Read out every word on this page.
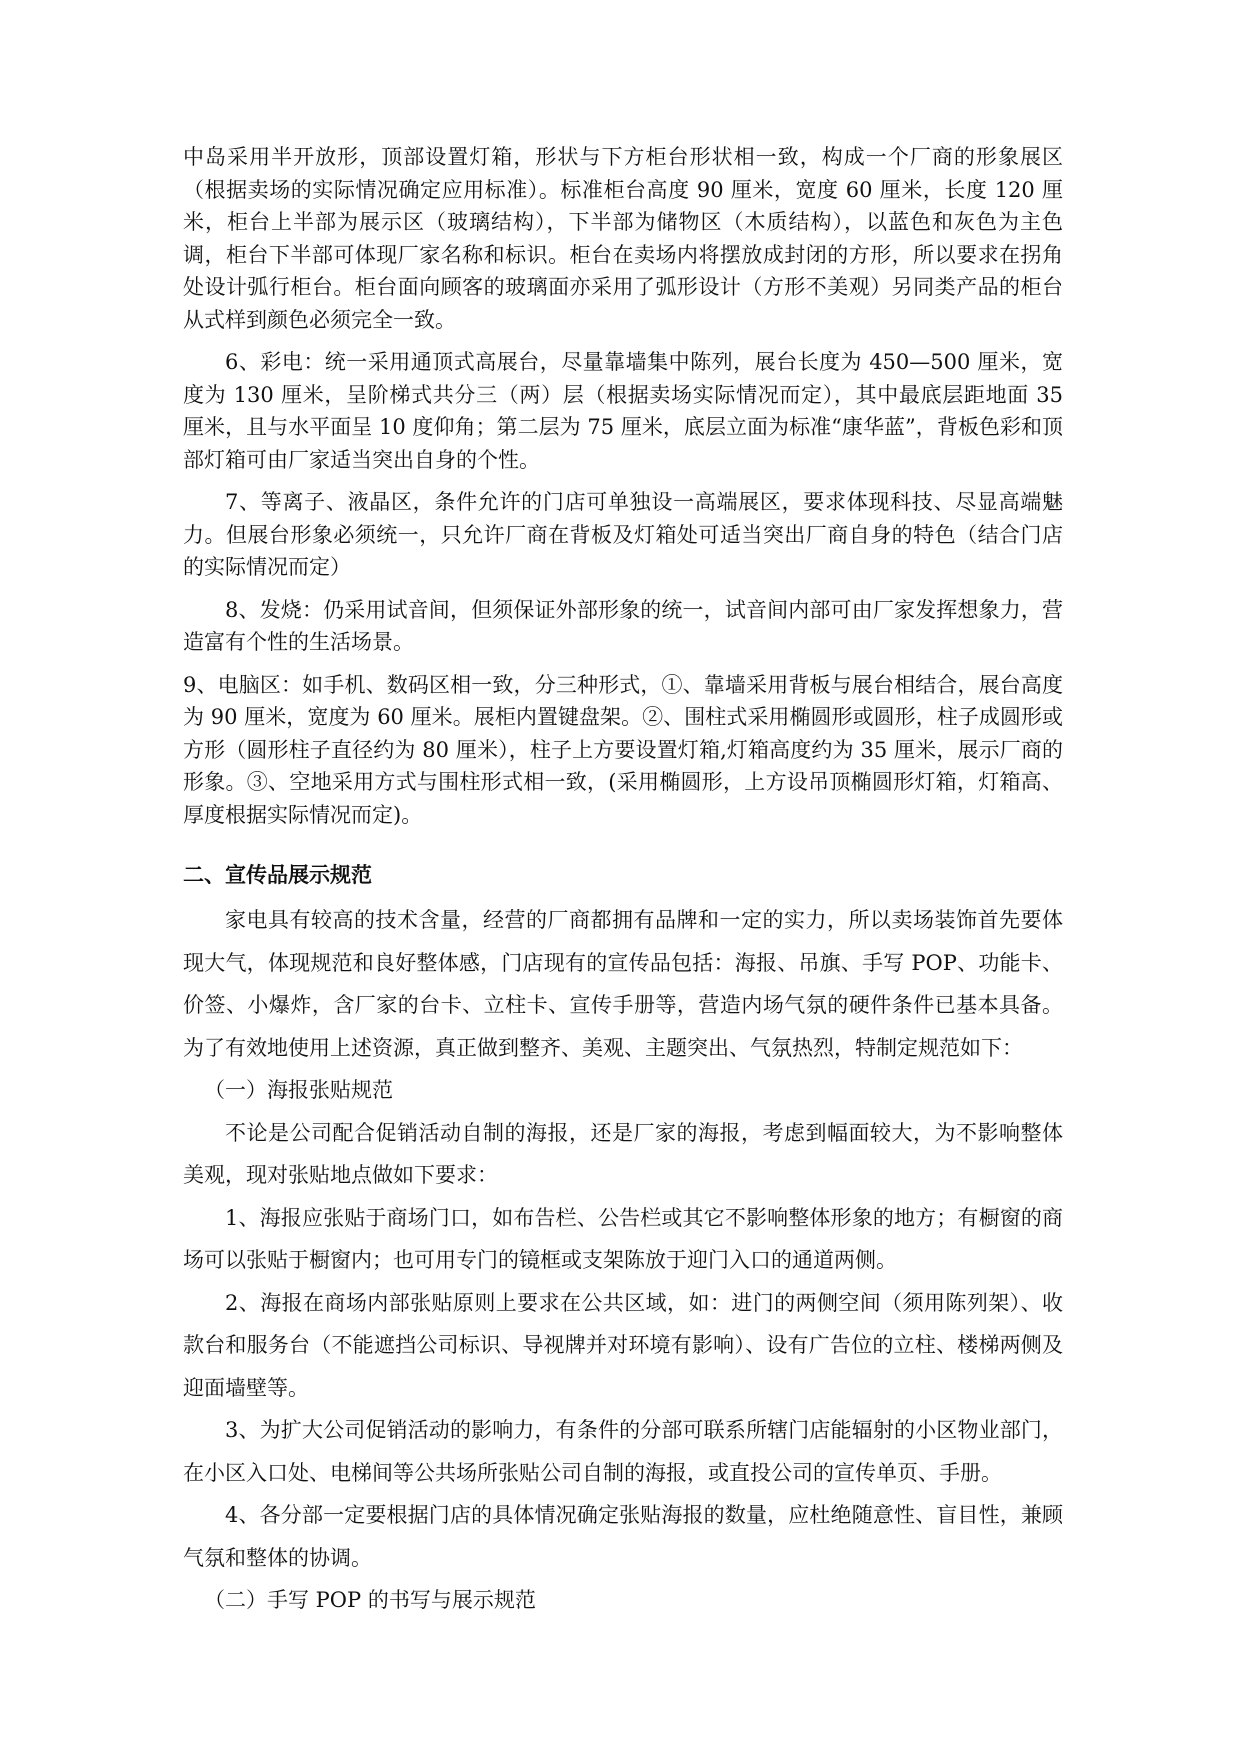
中岛采用半开放形，顶部设置灯箱，形状与下方柜台形状相一致，构成一个厂商的形象展区（根据卖场的实际情况确定应用标准）。标准柜台高度 90 厘米，宽度 60 厘米，长度 120 厘米，柜台上半部为展示区（玻璃结构），下半部为储物区（木质结构），以蓝色和灰色为主色调，柜台下半部可体现厂家名称和标识。柜台在卖场内将摆放成封闭的方形，所以要求在拐角处设计弧行柜台。柜台面向顾客的玻璃面亦采用了弧形设计（方形不美观）另同类产品的柜台从式样到颜色必须完全一致。

6、彩电：统一采用通顶式高展台，尽量靠墙集中陈列，展台长度为 450—500 厘米，宽度为 130 厘米，呈阶梯式共分三（两）层（根据卖场实际情况而定），其中最底层距地面 35 厘米，且与水平面呈 10 度仰角；第二层为 75 厘米，底层立面为标准“康华蓝”，背板色彩和顶部灯箱可由厂家适当突出自身的个性。

7、等离子、液晶区，条件允许的门店可单独设一高端展区，要求体现科技、尽显高端魅力。但展台形象必须统一，只允许厂商在背板及灯箱处可适当突出厂商自身的特色（结合门店的实际情况而定）

8、发烧：仍采用试音间，但须保证外部形象的统一，试音间内部可由厂家发挥想象力，营造富有个性的生活场景。

9、电脑区：如手机、数码区相一致，分三种形式，①、靠墙采用背板与展台相结合，展台高度为 90 厘米，宽度为 60 厘米。展柜内置键盘架。②、围柱式采用椭圆形或圆形，柱子成圆形或方形（圆形柱子直径约为 80 厘米），柱子上方要设置灯箱,灯箱高度约为 35 厘米，展示厂商的形象。③、空地采用方式与围柱形式相一致，(采用椭圆形，上方设吊顶椭圆形灯箱，灯箱高、厚度根据实际情况而定)。

二、宣传品展示规范

家电具有较高的技术含量，经营的厂商都拥有品牌和一定的实力，所以卖场装饰首先要体现大气，体现规范和良好整体感，门店现有的宣传品包括：海报、吊旗、手写 POP、功能卡、价签、小爆炸，含厂家的台卡、立柱卡、宣传手册等，营造内场气氛的硬件条件已基本具备。为了有效地使用上述资源，真正做到整齐、美观、主题突出、气氛热烈，特制定规范如下：

（一）海报张贴规范

不论是公司配合促销活动自制的海报，还是厂家的海报，考虑到幅面较大，为不影响整体美观，现对张贴地点做如下要求：

1、海报应张贴于商场门口，如布告栏、公告栏或其它不影响整体形象的地方；有橱窗的商场可以张贴于橱窗内；也可用专门的镜框或支架陈放于迎门入口的通道两侧。

2、海报在商场内部张贴原则上要求在公共区域，如：进门的两侧空间（须用陈列架）、收款台和服务台（不能遮挡公司标识、导视牌并对环境有影响）、设有广告位的立柱、楼梯两侧及迎面墙壁等。

3、为扩大公司促销活动的影响力，有条件的分部可联系所辖门店能辐射的小区物业部门，在小区入口处、电梯间等公共场所张贴公司自制的海报，或直投公司的宣传单页、手册。

4、各分部一定要根据门店的具体情况确定张贴海报的数量，应杜绝随意性、盲目性，兼顾气氛和整体的协调。

（二）手写 POP 的书写与展示规范
